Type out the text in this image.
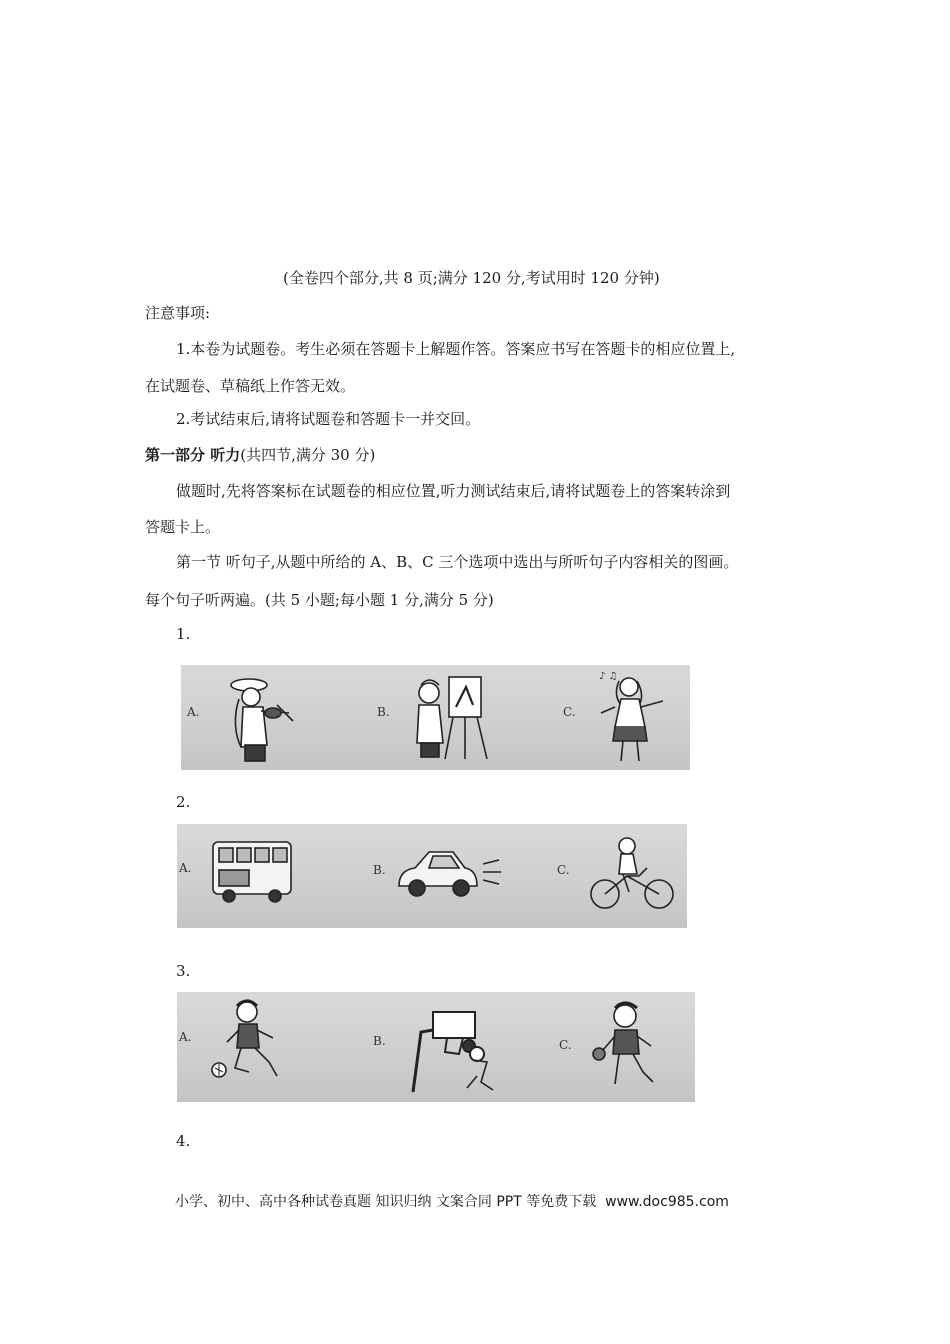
(全卷四个部分,共 8 页;满分 120 分,考试用时 120 分钟)
注意事项:
1.本卷为试题卷。考生必须在答题卡上解题作答。答案应书写在答题卡的相应位置上,
在试题卷、草稿纸上作答无效。
2.考试结束后,请将试题卷和答题卡一并交回。
第一部分 听力(共四节,满分 30 分)
做题时,先将答案标在试题卷的相应位置,听力测试结束后,请将试题卷上的答案转涂到
答题卡上。
第一节 听句子,从题中所给的 A、B、C 三个选项中选出与所听句子内容相关的图画。
每个句子听两遍。(共 5 小题;每小题 1 分,满分 5 分)
1.
A.	B.	C.
♪ ♫
2.
A.	B.	C.
3.
A.	B.	C.
4.
小学、初中、高中各种试卷真题 知识归纳 文案合同 PPT 等免费下载 www.doc985.com
